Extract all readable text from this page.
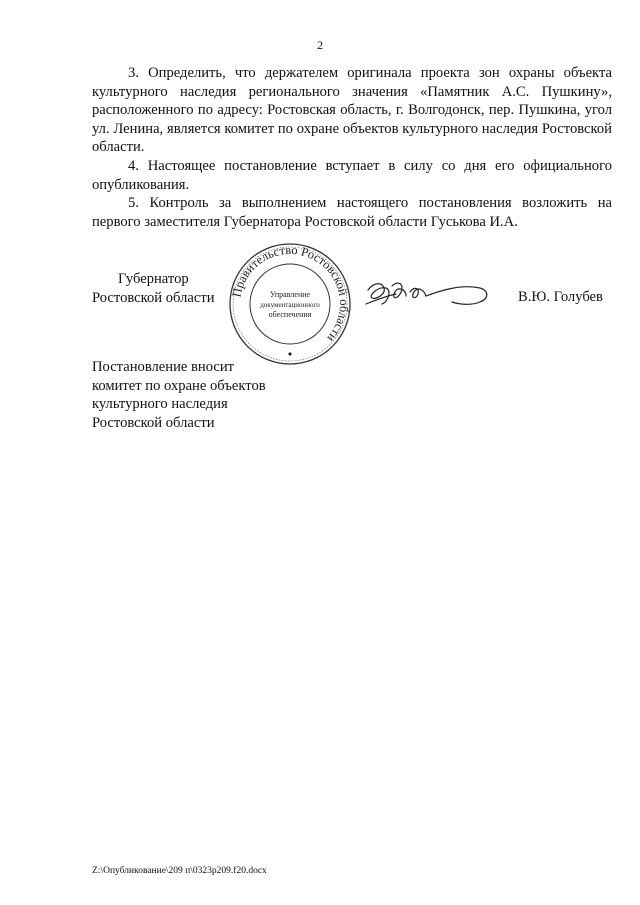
2

3. Определить, что держателем оригинала проекта зон охраны объекта культурного наследия регионального значения «Памятник А.С. Пушкину», расположенного по адресу: Ростовская область, г. Волгодонск, пер. Пушкина, угол ул. Ленина, является комитет по охране объектов культурного наследия Ростовской области.

4. Настоящее постановление вступает в силу со дня его официального опубликования.

5. Контроль за выполнением настоящего постановления возложить на первого заместителя Губернатора Ростовской области Гуськова И.А.

Губернатор
Ростовской области	Правительство Ростовской области
Управление
документационного
обеспечения
В.Ю. Голубев
Постановление вносит
комитет по охране объектов
культурного наследия
Ростовской области
Z:\Опубликование\209 п\0323p209.f20.docx
